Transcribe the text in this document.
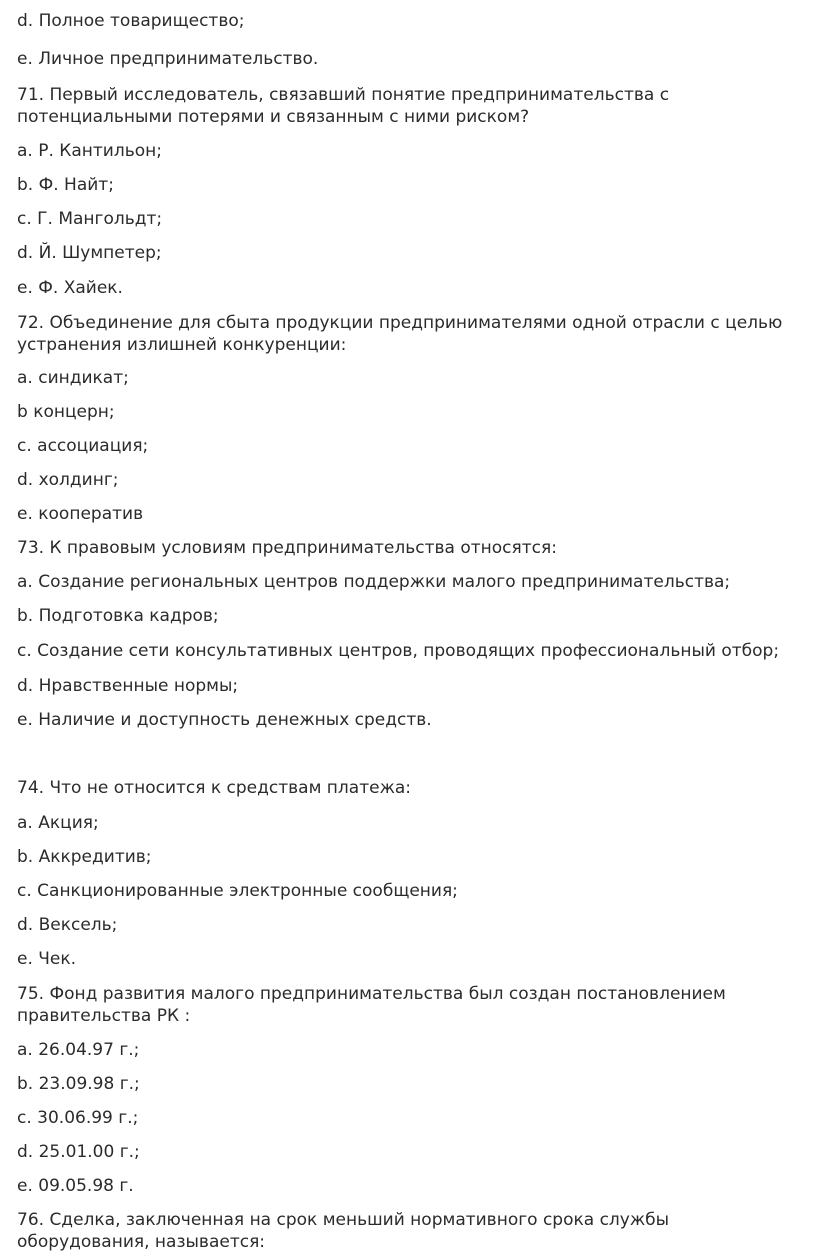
d. Полное товарищество;
e. Личное предпринимательство.
71. Первый исследователь, связавший понятие предпринимательства с потенциальными потерями и связанным с ними риском?
a. Р. Кантильон;
b. Ф. Найт;
c. Г. Мангольдт;
d. Й. Шумпетер;
e. Ф. Хайек.
72. Объединение для сбыта продукции предпринимателями одной отрасли с целью устранения излишней конкуренции:
a. синдикат;
b концерн;
c. ассоциация;
d. холдинг;
e. кооператив
73. К правовым условиям предпринимательства относятся:
a. Создание региональных центров поддержки малого предпринимательства;
b. Подготовка кадров;
c. Создание сети консультативных центров, проводящих профессиональный отбор;
d. Нравственные нормы;
e. Наличие и доступность денежных средств.
74. Что не относится к средствам платежа:
a. Акция;
b. Аккредитив;
c. Санкционированные электронные сообщения;
d. Вексель;
e. Чек.
75. Фонд развития малого предпринимательства был создан постановлением правительства РК :
a. 26.04.97 г.;
b. 23.09.98 г.;
c. 30.06.99 г.;
d. 25.01.00 г.;
e. 09.05.98 г.
76. Сделка, заключенная на срок меньший нормативного срока службы оборудования, называется:
